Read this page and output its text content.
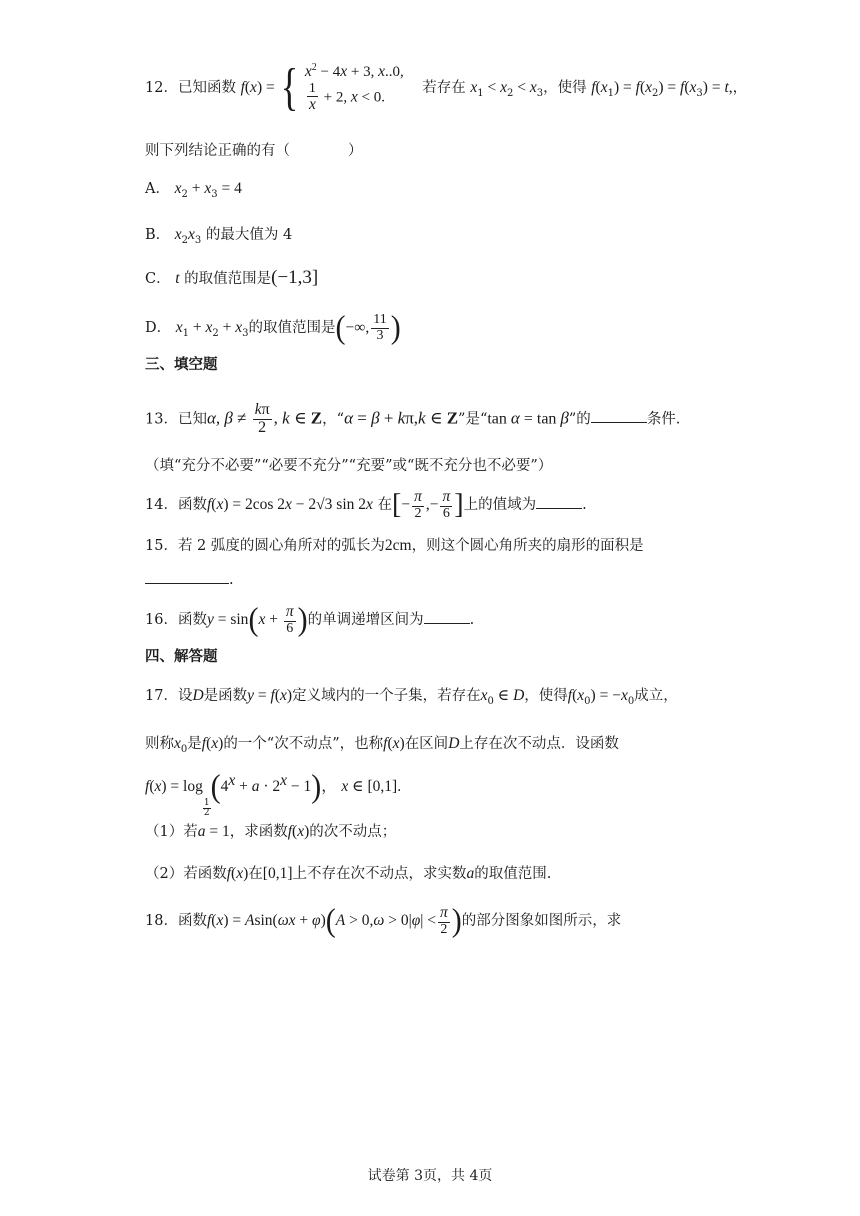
12．已知函数 f(x) = { $x^2 - 4x + 3$, x..0,
$\frac{1}{x} + 2$, x < 0.
若存在 $x_1 < x_2 < x_3$，使得 $f(x_1) = f(x_2) = f(x_3) = t$,，
则下列结论正确的有（　　　　）
A． $x_2 + x_3 = 4$
B． $x_2x_3$ 的最大值为 4
C． t 的取值范围是(−1,3]
D． $x_1 + x_2 + x_3$的取值范围是(−∞, $\frac{11}{3}$ )
三、填空题
13．已知α, $\beta \ne \frac{k\pi}{2}$ , k ∈ Z，“α = β + kπ,k ∈ Z”是“tan α = tan β”的	条件.
（填“充分不必要”“必要不充分”“充要”或“既不充分也不必要”）
14．函数f(x) = 2cos 2x − 2√3 sin 2x 在[− $\frac{\pi}{2}$ ,− $\frac{\pi}{6}$ ]上的值域为	.
15．若 2 弧度的圆心角所对的弧长为2cm，则这个圆心角所夹的扇形的面积是
.
16．函数$y = \sin(x + \frac{\pi}{6}$ )的单调递增区间为	.
四、解答题
17．设D是函数y = f(x)定义域内的一个子集，若存在$x_0$ ∈ D，使得$f(x_0) = -x_0$成立，
则称$x_0$是f(x)的一个“次不动点”，也称f(x)在区间D上存在次不动点．设函数
f(x) = log
$\frac{1}{2}$
$(4^x + a \cdot 2^x - 1)$， x ∈ [0,1].
（1）若a = 1，求函数f(x)的次不动点；
（2）若函数f(x)在[0,1]上不存在次不动点，求实数a的取值范围.
18．函数$f(x) = Asin(\omega x + \varphi)(A > 0,\omega > 0|\varphi| < \frac{\pi}{2}$ )的部分图象如图所示，求
试卷第 3页，共 4页
